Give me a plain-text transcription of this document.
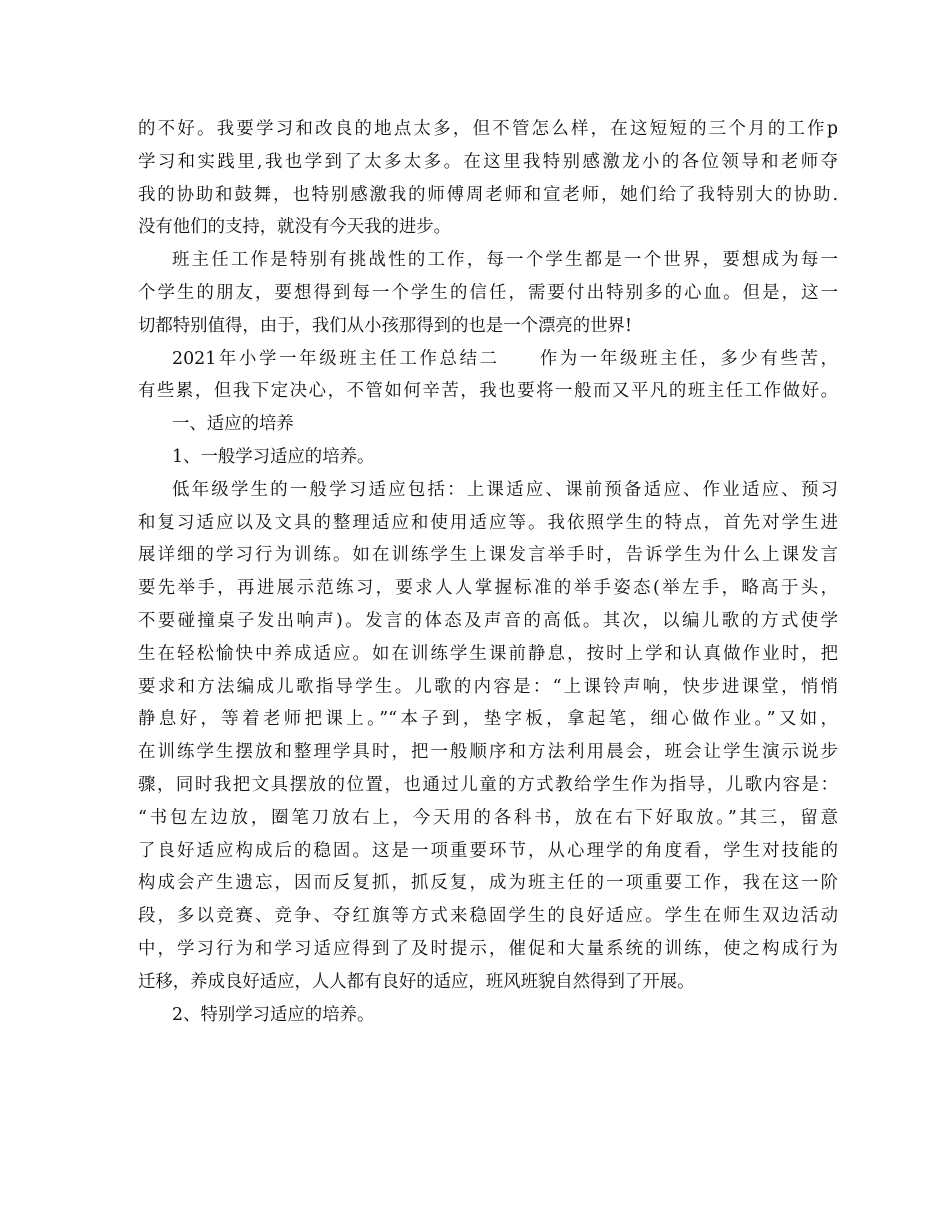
的不好。我要学习和改良的地点太多，但不管怎么样，在这短短的三个月的工作p
学习和实践里,我也学到了太多太多。在这里我特别感激龙小的各位领导和老师夺
我的协助和鼓舞，也特别感激我的师傅周老师和宣老师，她们给了我特别大的协助.
没有他们的支持，就没有今天我的进步。
班主任工作是特别有挑战性的工作，每一个学生都是一个世界，要想成为每一
个学生的朋友，要想得到每一个学生的信任，需要付出特别多的心血。但是，这一
切都特别值得，由于，我们从小孩那得到的也是一个漂亮的世界!
2021年小学一年级班主任工作总结二　　作为一年级班主任，多少有些苦，
有些累，但我下定决心，不管如何辛苦，我也要将一般而又平凡的班主任工作做好。
一、适应的培养
1、一般学习适应的培养。
低年级学生的一般学习适应包括：上课适应、课前预备适应、作业适应、预习
和复习适应以及文具的整理适应和使用适应等。我依照学生的特点，首先对学生进
展详细的学习行为训练。如在训练学生上课发言举手时，告诉学生为什么上课发言
要先举手，再进展示范练习，要求人人掌握标准的举手姿态(举左手，略高于头，
不要碰撞桌子发出响声)。发言的体态及声音的高低。其次，以编儿歌的方式使学
生在轻松愉快中养成适应。如在训练学生课前静息，按时上学和认真做作业时，把
要求和方法编成儿歌指导学生。儿歌的内容是：“上课铃声响，快步进课堂，悄悄
静息好，等着老师把课上。”“本子到，垫字板，拿起笔，细心做作业。”又如，
在训练学生摆放和整理学具时，把一般顺序和方法利用晨会，班会让学生演示说步
骤，同时我把文具摆放的位置，也通过儿童的方式教给学生作为指导，儿歌内容是：
“书包左边放，圈笔刀放右上，今天用的各科书，放在右下好取放。”其三，留意
了良好适应构成后的稳固。这是一项重要环节，从心理学的角度看，学生对技能的
构成会产生遗忘，因而反复抓，抓反复，成为班主任的一项重要工作，我在这一阶
段，多以竞赛、竞争、夺红旗等方式来稳固学生的良好适应。学生在师生双边活动
中，学习行为和学习适应得到了及时提示，催促和大量系统的训练，使之构成行为
迁移，养成良好适应，人人都有良好的适应，班风班貌自然得到了开展。
2、特别学习适应的培养。
